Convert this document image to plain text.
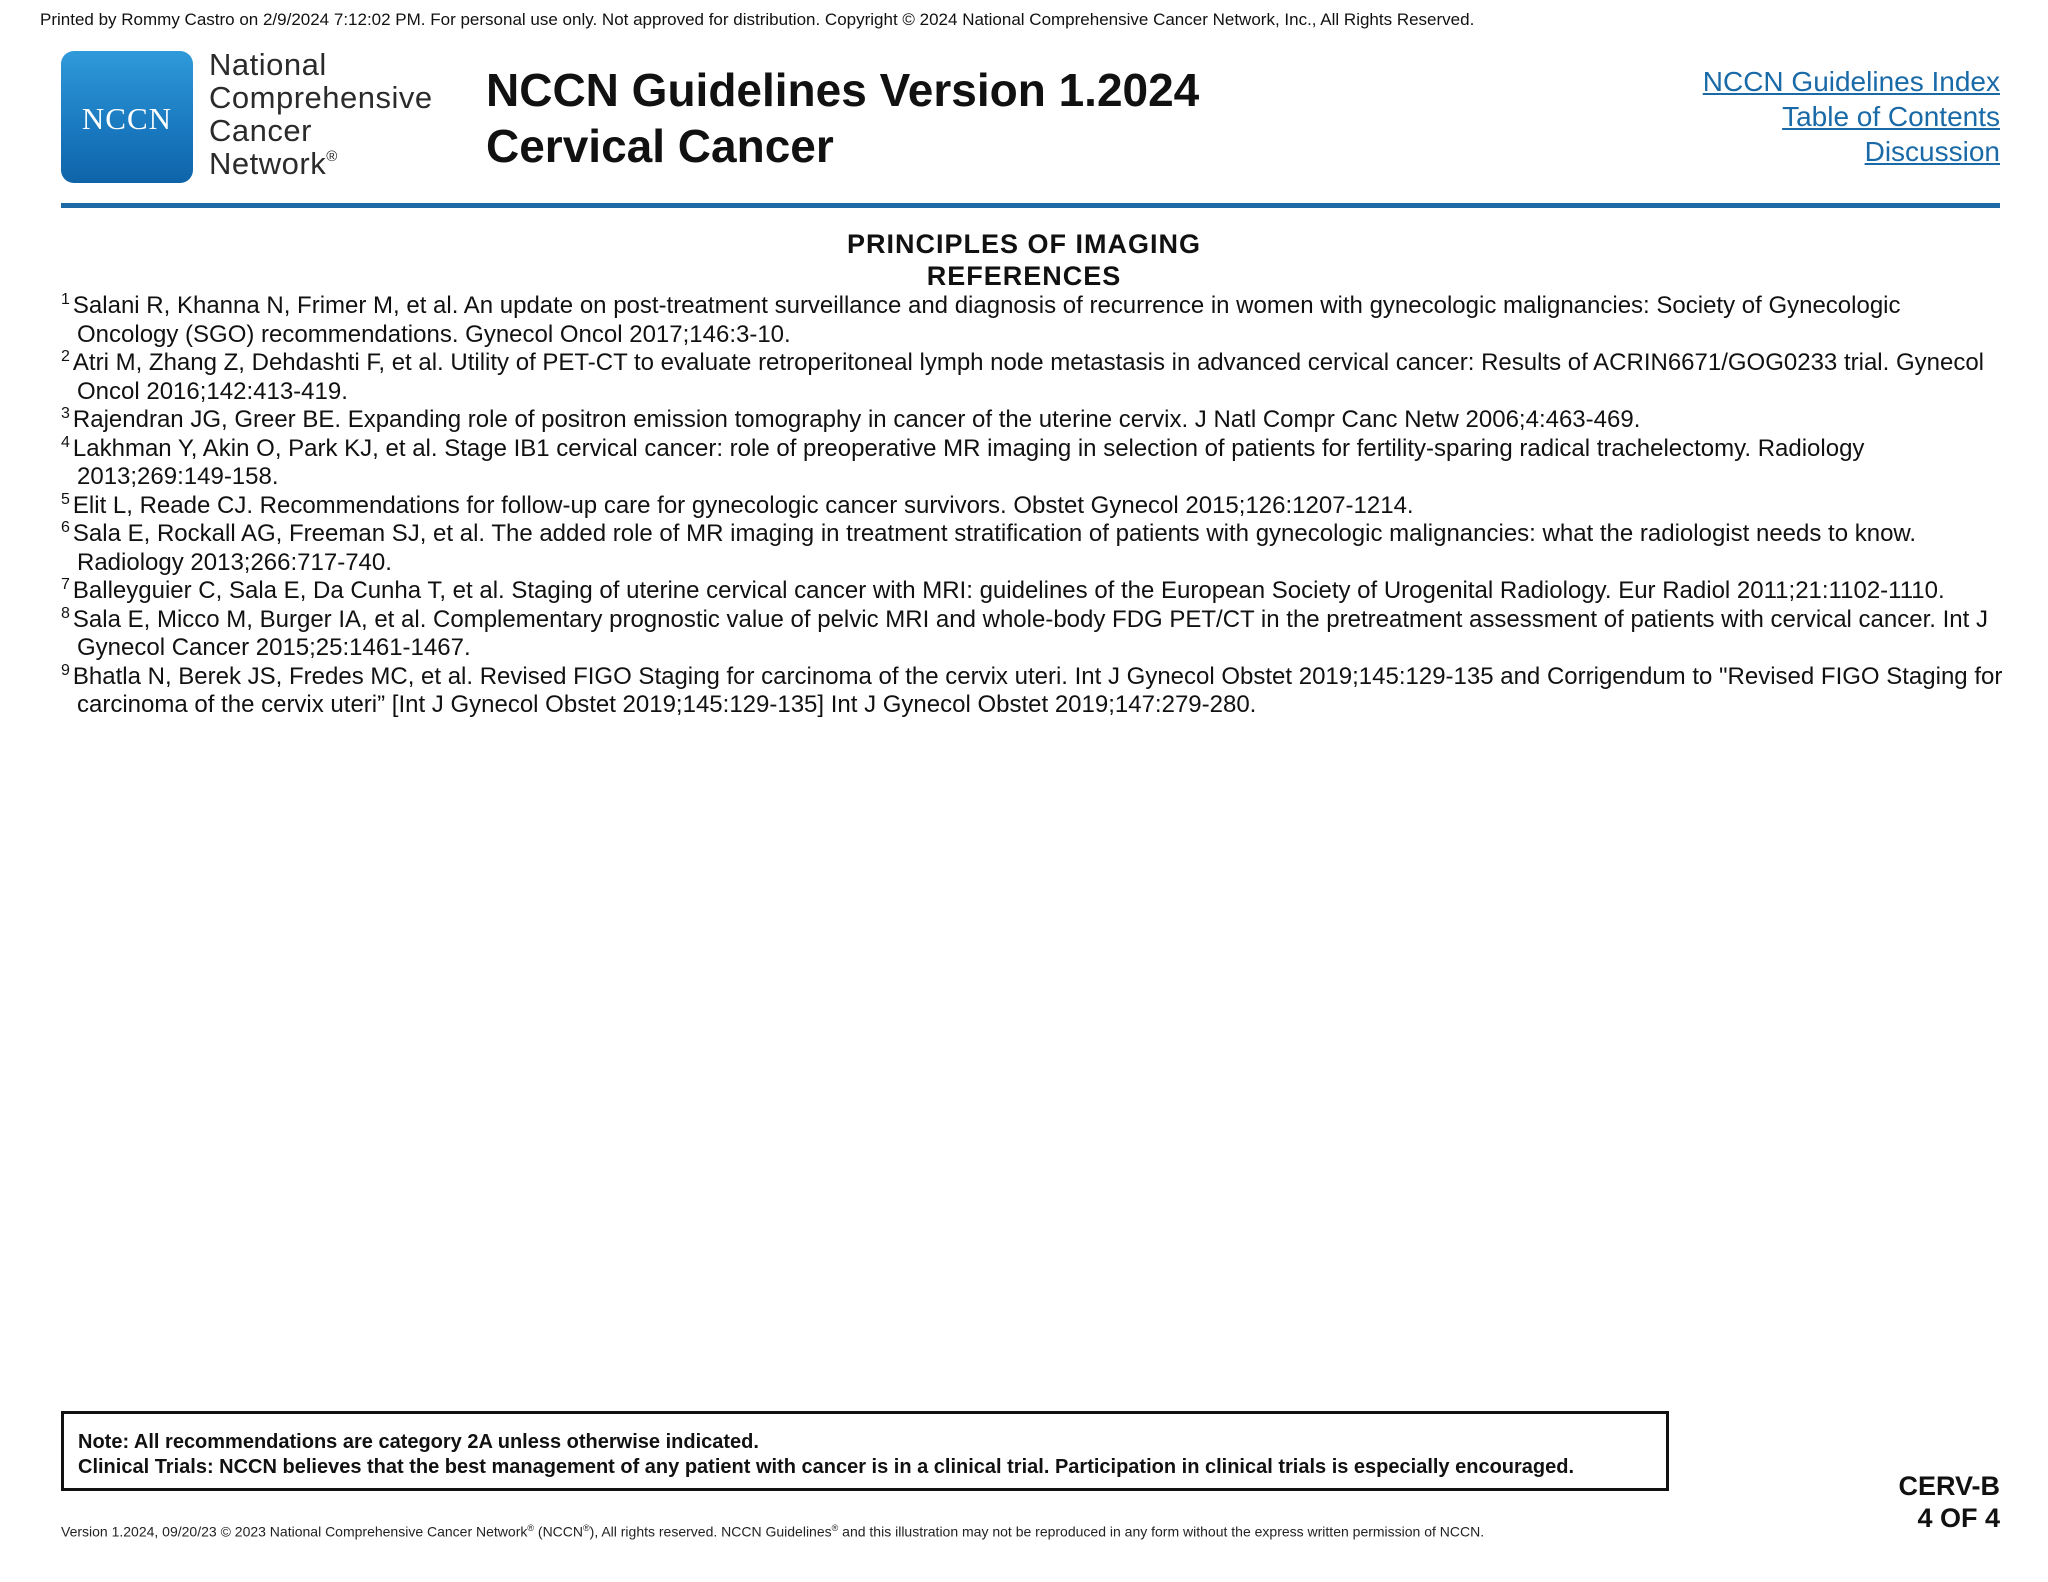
Printed by Rommy Castro on 2/9/2024 7:12:02 PM. For personal use only. Not approved for distribution. Copyright © 2024 National Comprehensive Cancer Network, Inc., All Rights Reserved.
NCCN
National
Comprehensive
Cancer
Network®
NCCN Guidelines Version 1.2024
Cervical Cancer
NCCN Guidelines Index
Table of Contents
Discussion
PRINCIPLES OF IMAGING
REFERENCES
$^1$ Salani R, Khanna N, Frimer M, et al. An update on post-treatment surveillance and diagnosis of recurrence in women with gynecologic malignancies: Society of Gynecologic Oncology (SGO) recommendations. Gynecol Oncol 2017;146:3-10.
$^2$ Atri M, Zhang Z, Dehdashti F, et al. Utility of PET-CT to evaluate retroperitoneal lymph node metastasis in advanced cervical cancer: Results of ACRIN6671/GOG0233 trial. Gynecol Oncol 2016;142:413-419.
$^3$ Rajendran JG, Greer BE. Expanding role of positron emission tomography in cancer of the uterine cervix. J Natl Compr Canc Netw 2006;4:463-469.
$^4$ Lakhman Y, Akin O, Park KJ, et al. Stage IB1 cervical cancer: role of preoperative MR imaging in selection of patients for fertility-sparing radical trachelectomy. Radiology 2013;269:149-158.
$^5$ Elit L, Reade CJ. Recommendations for follow-up care for gynecologic cancer survivors. Obstet Gynecol 2015;126:1207-1214.
$^6$ Sala E, Rockall AG, Freeman SJ, et al. The added role of MR imaging in treatment stratification of patients with gynecologic malignancies: what the radiologist needs to know. Radiology 2013;266:717-740.
$^7$ Balleyguier C, Sala E, Da Cunha T, et al. Staging of uterine cervical cancer with MRI: guidelines of the European Society of Urogenital Radiology. Eur Radiol 2011;21:1102-1110.
$^8$ Sala E, Micco M, Burger IA, et al. Complementary prognostic value of pelvic MRI and whole-body FDG PET/CT in the pretreatment assessment of patients with cervical cancer. Int J Gynecol Cancer 2015;25:1461-1467.
$^9$ Bhatla N, Berek JS, Fredes MC, et al. Revised FIGO Staging for carcinoma of the cervix uteri. Int J Gynecol Obstet 2019;145:129-135 and Corrigendum to "Revised FIGO Staging for carcinoma of the cervix uteri” [Int J Gynecol Obstet 2019;145:129-135] Int J Gynecol Obstet 2019;147:279-280.
Note: All recommendations are category 2A unless otherwise indicated.
Clinical Trials: NCCN believes that the best management of any patient with cancer is in a clinical trial. Participation in clinical trials is especially encouraged.
CERV-B
4 OF 4
Version 1.2024, 09/20/23 © 2023 National Comprehensive Cancer Network® (NCCN®), All rights reserved. NCCN Guidelines® and this illustration may not be reproduced in any form without the express written permission of NCCN.
